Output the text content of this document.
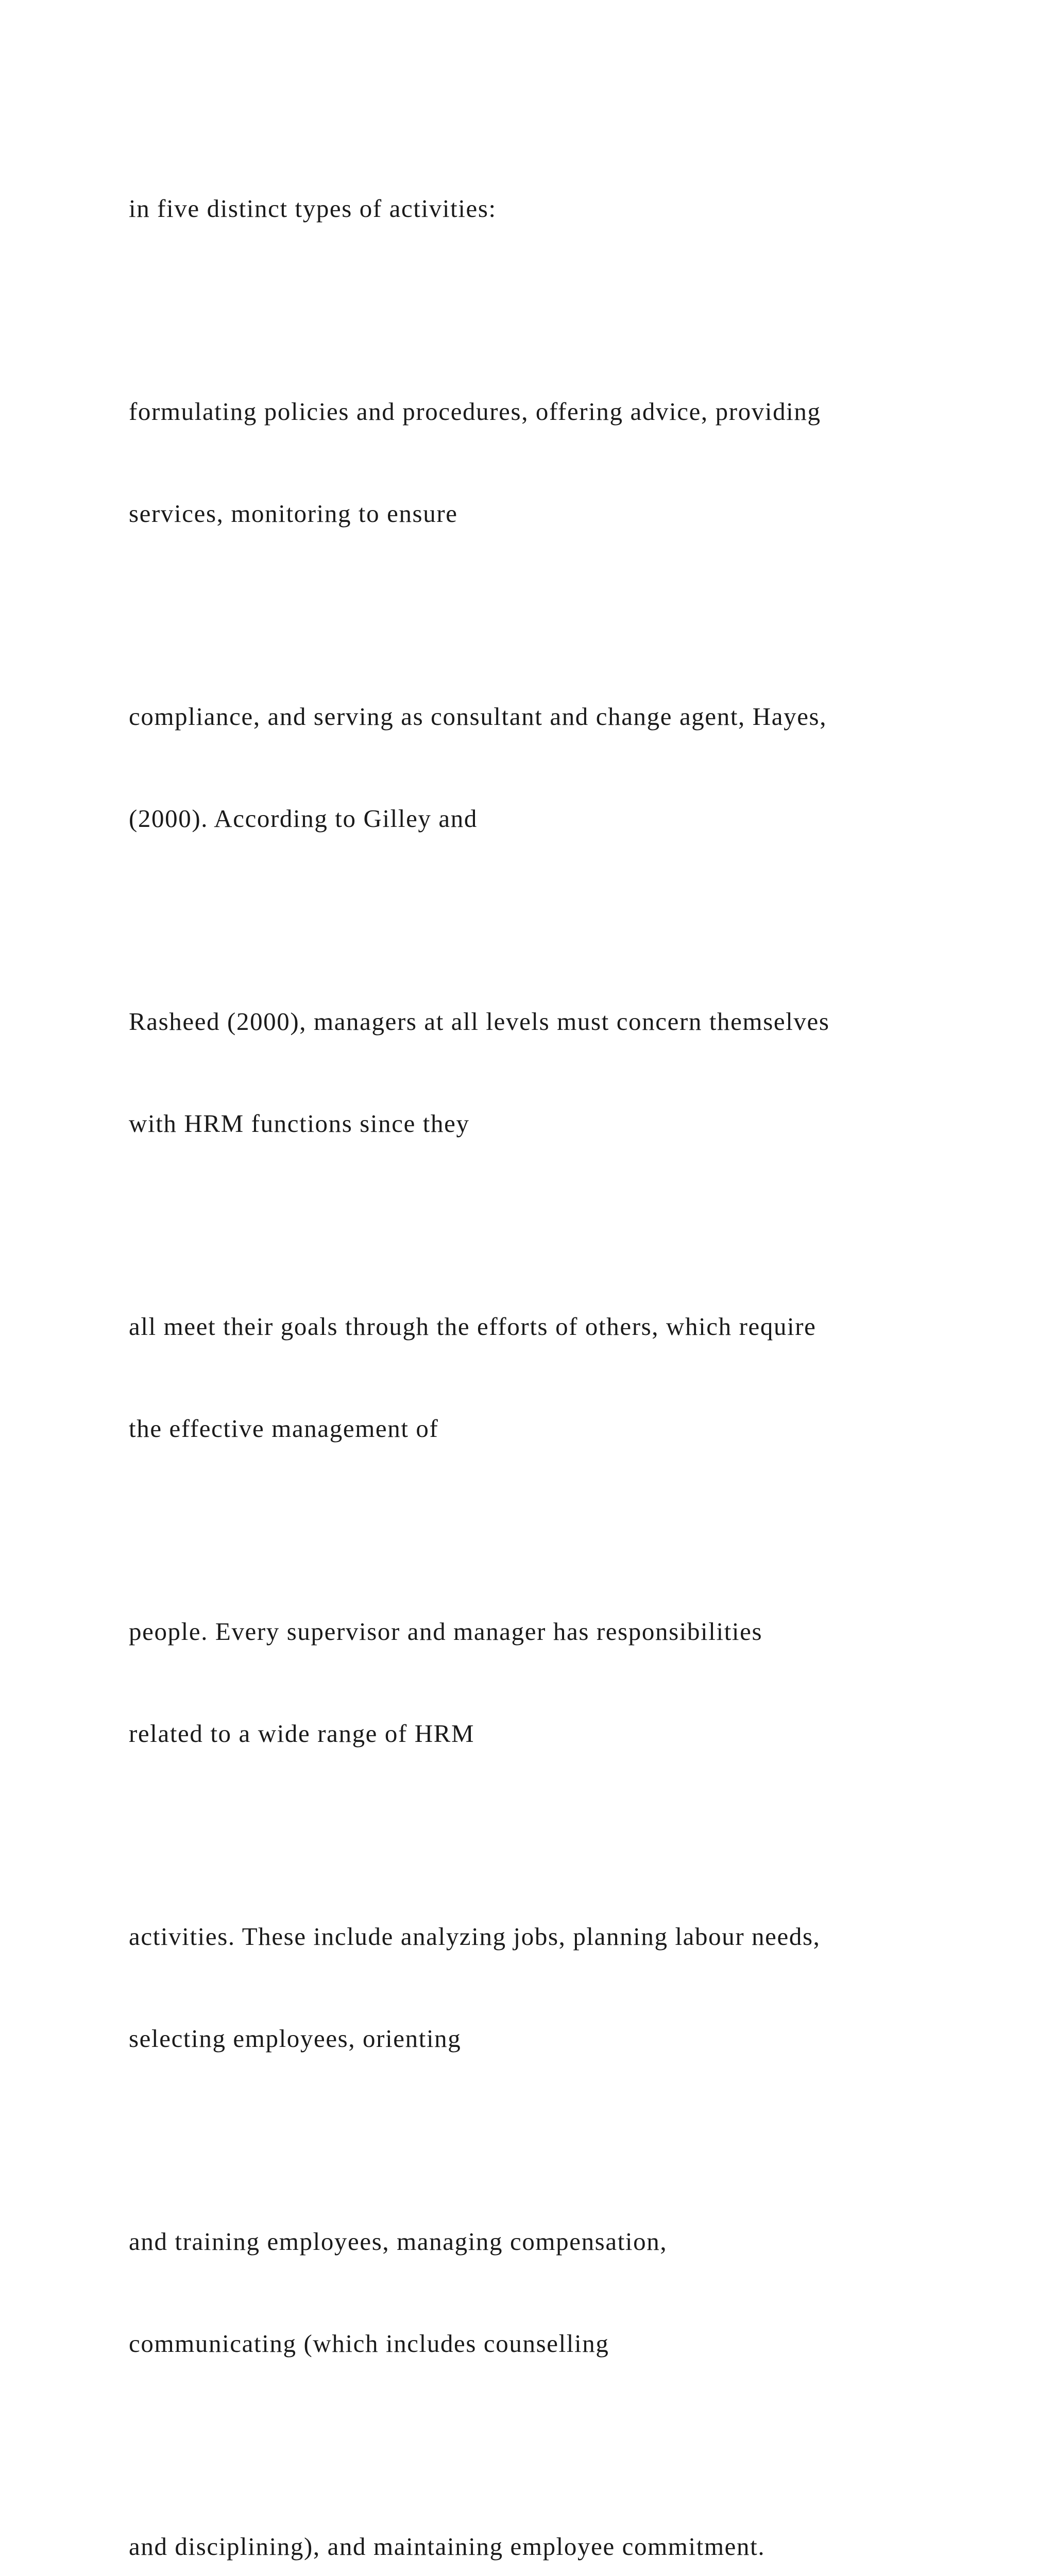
in five distinct types of activities:

formulating policies and procedures, offering advice, providing

services, monitoring to ensure

compliance, and serving as consultant and change agent, Hayes,

(2000). According to Gilley and

Rasheed (2000), managers at all levels must concern themselves

with HRM functions since they

all meet their goals through the efforts of others, which require

the effective management of

people. Every supervisor and manager has responsibilities

related to a wide range of HRM

activities. These include analyzing jobs, planning labour needs,

selecting employees, orienting

and training employees, managing compensation,

communicating (which includes counselling

and disciplining), and maintaining employee commitment.
